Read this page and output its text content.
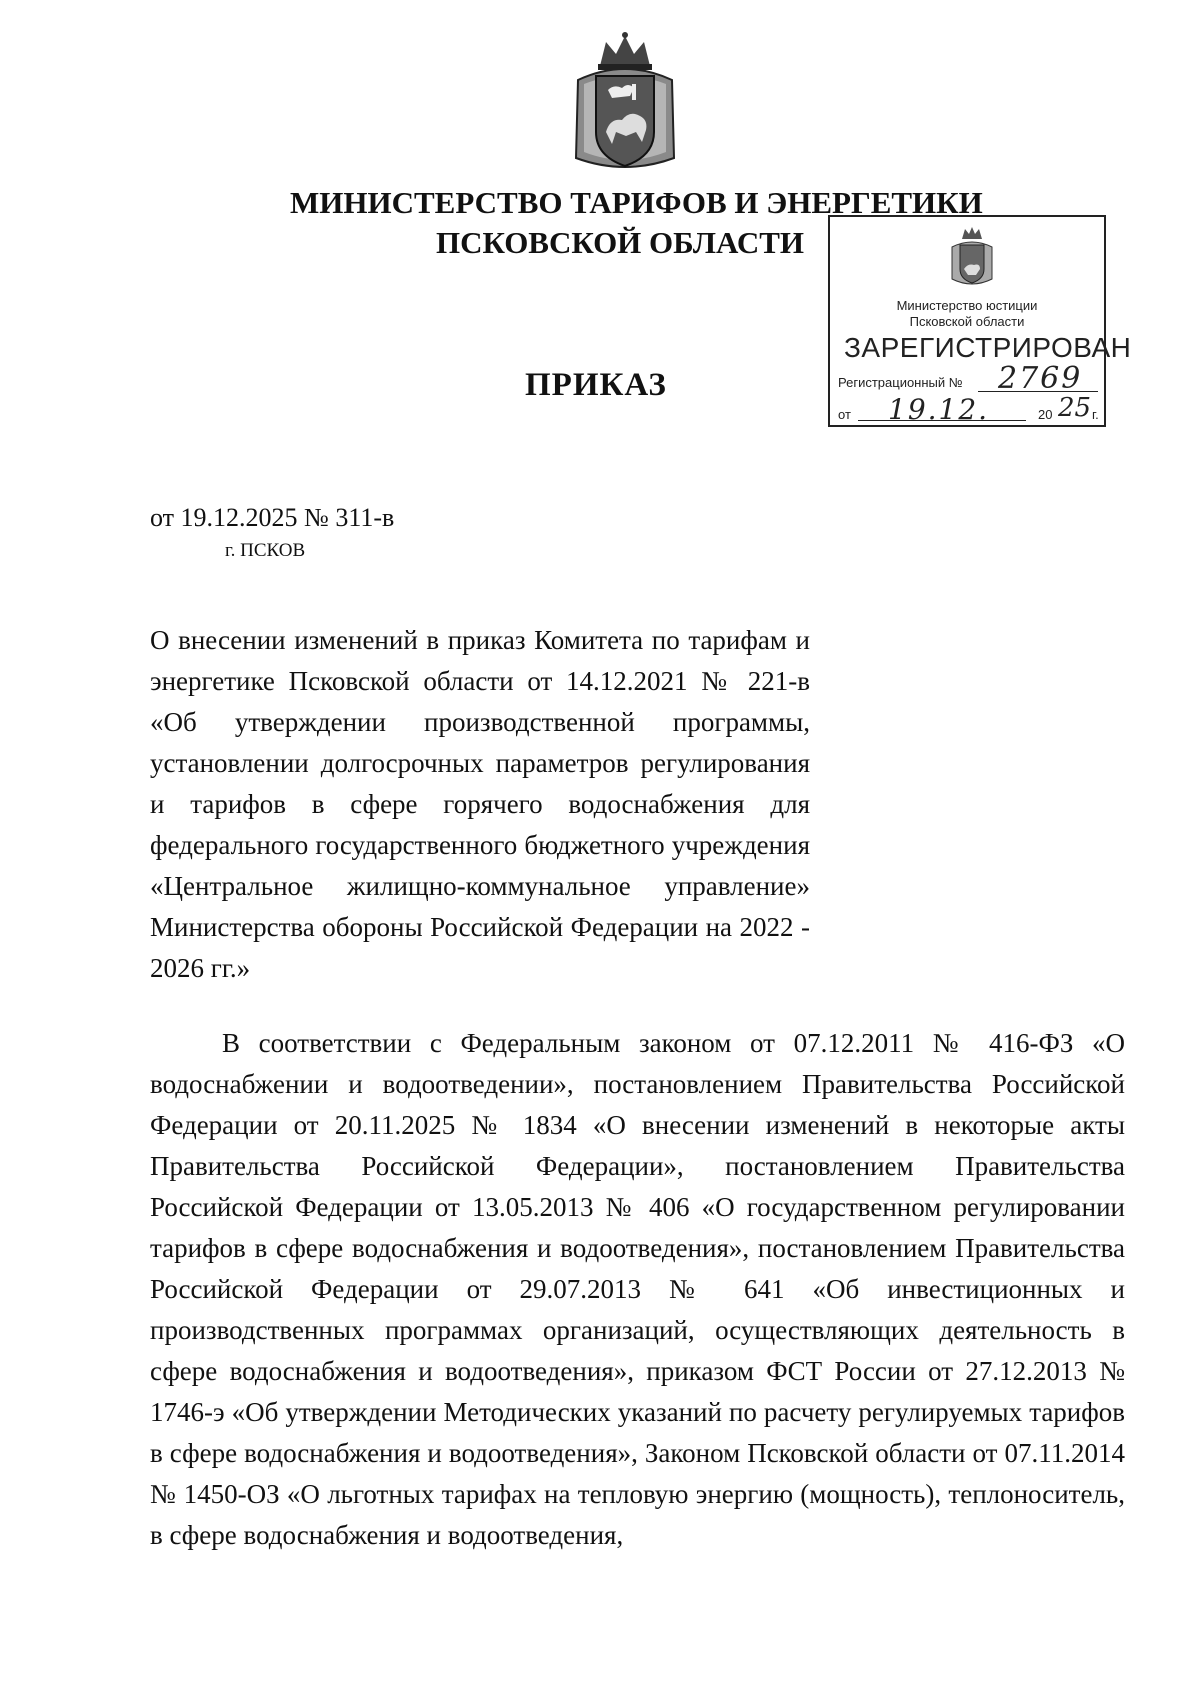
МИНИСТЕРСТВО ТАРИФОВ И ЭНЕРГЕТИКИ
ПСКОВСКОЙ ОБЛАСТИ
Министерство юстиции
Псковской области
ЗАРЕГИСТРИРОВАН
Регистрационный № 2769
от 19.12.	20 25 г.
ПРИКАЗ
от 19.12.2025 № 311-в
г. ПСКОВ
О внесении изменений в приказ Комитета по тарифам и энергетике Псковской области от 14.12.2021 № 221-в «Об утверждении производственной программы, установлении долгосрочных параметров регулирования и тарифов в сфере горячего водоснабжения для федерального государственного бюджетного учреждения «Центральное жилищно-коммунальное управление» Министерства обороны Российской Федерации на 2022 - 2026 гг.»
В соответствии с Федеральным законом от 07.12.2011 № 416-ФЗ «О водоснабжении и водоотведении», постановлением Правительства Российской Федерации от 20.11.2025 № 1834 «О внесении изменений в некоторые акты Правительства Российской Федерации», постановлением Правительства Российской Федерации от 13.05.2013 № 406 «О государственном регулировании тарифов в сфере водоснабжения и водоотведения», постановлением Правительства Российской Федерации от 29.07.2013 № 641 «Об инвестиционных и производственных программах организаций, осуществляющих деятельность в сфере водоснабжения и водоотведения», приказом ФСТ России от 27.12.2013 № 1746-э «Об утверждении Методических указаний по расчету регулируемых тарифов в сфере водоснабжения и водоотведения», Законом Псковской области от 07.11.2014 № 1450-ОЗ «О льготных тарифах на тепловую энергию (мощность), теплоноситель, в сфере водоснабжения и водоотведения,
